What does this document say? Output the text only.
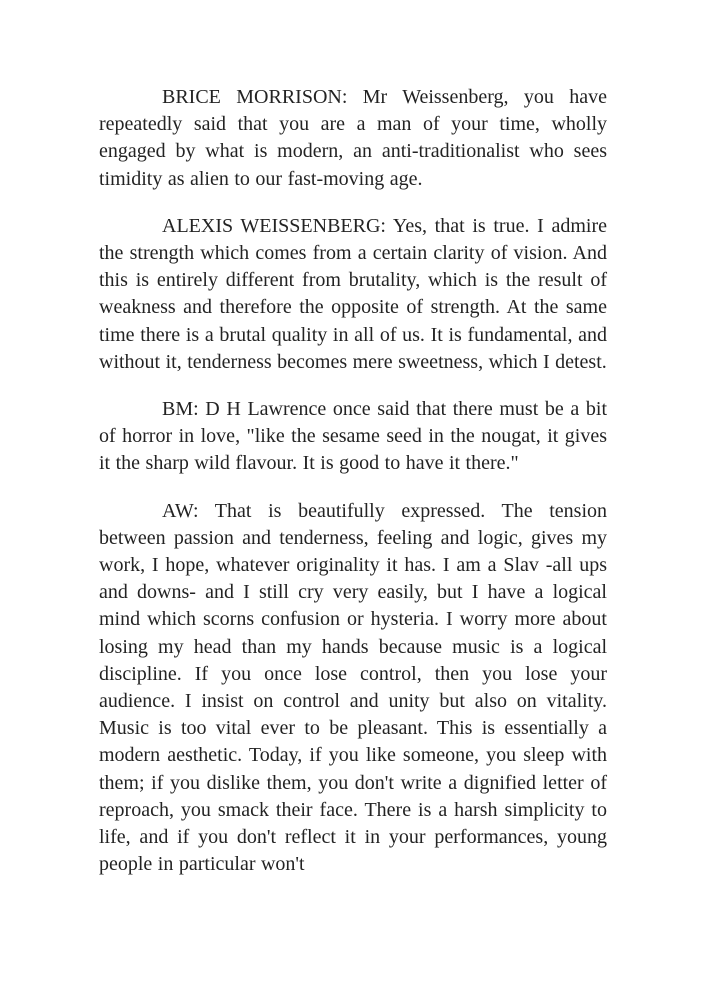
BRICE MORRISON: Mr Weissenberg, you have repeatedly said that you are a man of your time, wholly engaged by what is modern, an anti-traditionalist who sees timidity as alien to our fast-moving age.

ALEXIS WEISSENBERG: Yes, that is true. I admire the strength which comes from a certain clarity of vision. And this is entirely different from brutality, which is the result of weakness and therefore the opposite of strength. At the same time there is a brutal quality in all of us. It is fundamental, and without it, tenderness becomes mere sweetness, which I detest.

BM: D H Lawrence once said that there must be a bit of horror in love, "like the sesame seed in the nougat, it gives it the sharp wild flavour. It is good to have it there."

AW: That is beautifully expressed. The tension between passion and tenderness, feeling and logic, gives my work, I hope, whatever originality it has. I am a Slav -all ups and downs- and I still cry very easily, but I have a logical mind which scorns confusion or hysteria. I worry more about losing my head than my hands because music is a logical discipline. If you once lose control, then you lose your audience. I insist on control and unity but also on vitality. Music is too vital ever to be pleasant. This is essentially a modern aesthetic. Today, if you like someone, you sleep with them; if you dislike them, you don't write a dignified letter of reproach, you smack their face. There is a harsh simplicity to life, and if you don't reflect it in your performances, young people in particular won't
